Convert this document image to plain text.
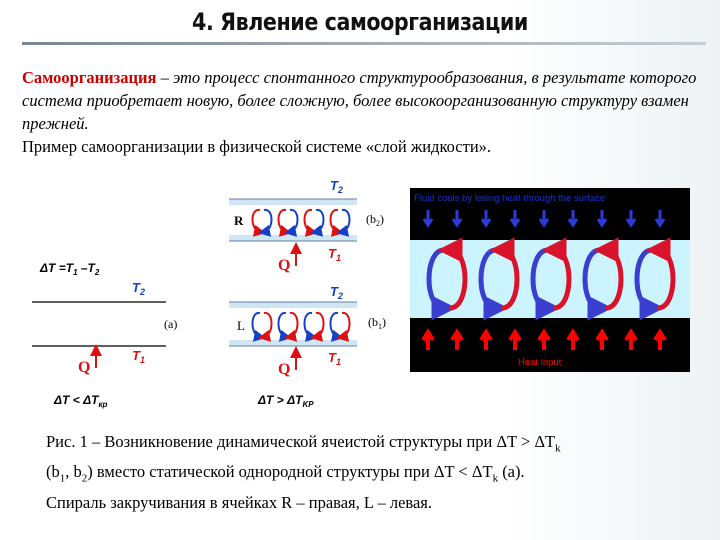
4. Явление самоорганизации
Самоорганизация – это процесс спонтанного структурообразования, в результате которого система приобретает новую, более сложную, более высокоорганизованную структуру взамен прежней.
Пример самоорганизации в физической системе «слой жидкости».
R
$T_2$
$T_1$
Q
$(b_2)$
$\Delta T =T_1$ $-T_2$
$T_2$
(a)
Q
$T_1$
$\Delta T < \Delta T_{кр}$
$T_2$
L	$(b_1)$
$T_1$
Q
$\Delta T > \Delta T_{KP}$
Fluid cools by losing heat through the surface
Heat input
Рис. 1 – Возникновение динамической ячеистой структуры при $\Delta T > \Delta T_k$
($b_1$, $b_2$) вместо статической однородной структуры при $\Delta T < \Delta T_k$ (а).
Спираль закручивания в ячейках R – правая, L – левая.
